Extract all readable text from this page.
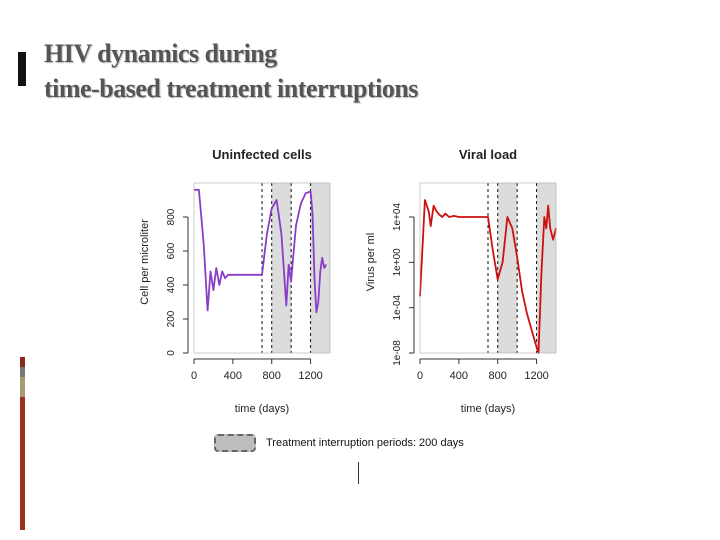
HIV dynamics during
time-based treatment interruptions
0 400 800 1200
0
200
400
600
800
Uninfected cells
time (days)
Cell per microliter
0 400 800 1200
1e-08
1e-04
1e+00
1e+04
Viral load
time (days)
Virus per ml
Treatment interruption periods: 200 days
